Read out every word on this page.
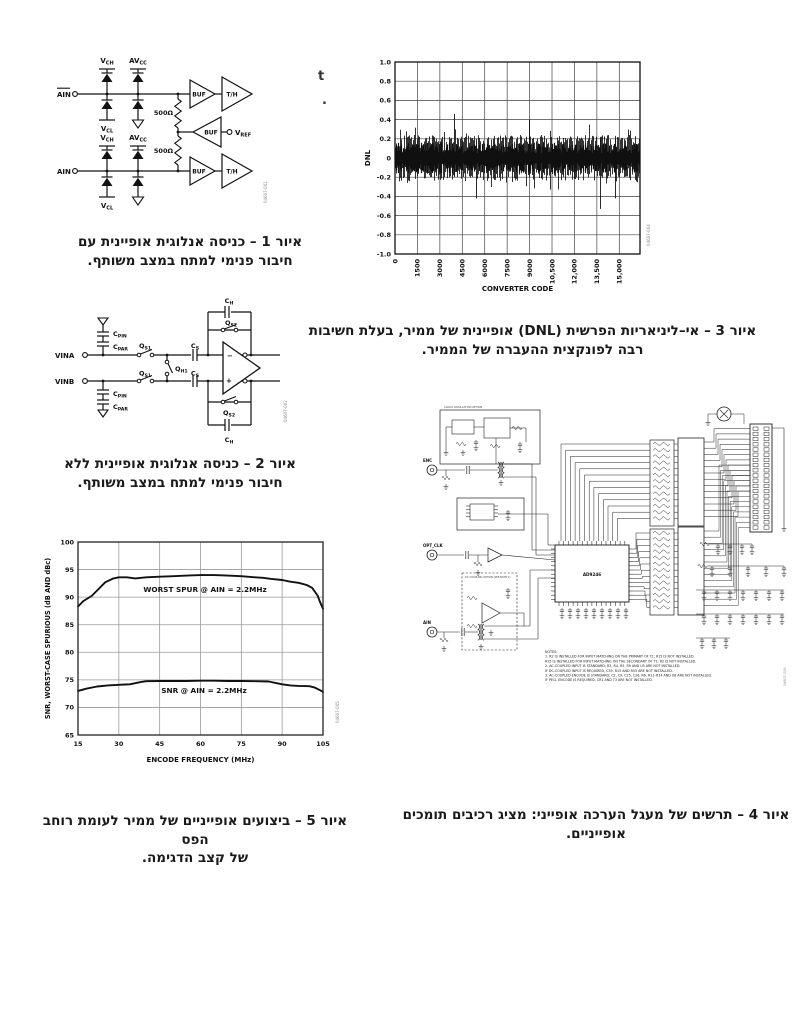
AIN
$V_{CH}$
$V_{CL}$
$AV_{CC}$
500Ω
BUF $V_{REF}$
500Ω
BUF	T/H
AIN
$V_{CH}$
$V_{CL}$
$AV_{CC}$
BUF	T/H
04607-001
t
.
1.0
0.8
0.6
0.4
0.2
0
-0.2
-0.4
-0.6
-0.8
-1.0
0 1500 3000 4500 6000 7500 9000 10,500 12,000 13,500 15,000
DNL
CONVERTER CODE
04607-004
איור 1 – כניסה אנלוגית אופיינית עם
חיבור פנימי למתח במצב משותף.
VINA
VINB
$C_{PIN}$
$C_{PAR}$
$C_{PIN}$
$C_{PAR}$
$Q_{H1}$
$Q_{S1}$
$Q_{S1}$
$C_S$
$C_S$
−
+
$C_H$
$Q_{S2}$
$Q_{S2}$
$C_H$
04607-002
איור 3 – אי–ליניאריות הפרשית (DNL) אופיינית של ממיר, בעלת חשיבות
רבה לפונקצית ההעברה של הממיר.
איור 2 – כניסה אנלוגית אופיינית ללא
חיבור פנימי למתח במצב משותף.
CLOCK OSCILLATOR OPTION
ENC
OPT_CLK
DC COUPLING OPTION (SEE NOTE 2)
AIN
AD9246
NOTES:
1. R2 IS INSTALLED FOR INPUT MATCHING ON THE PRIMARY OF T1; R15 IS NOT INSTALLED.
R15 IS INSTALLED FOR INPUT MATCHING ON THE SECONDARY OF T1; R2 IS NOT INSTALLED.
2. AC-COUPLED INPUT IS STANDARD; R3, R4, R5, R9 AND U5 ARE NOT INSTALLED.
IF DC-COUPLED INPUT IS REQUIRED, C39, R15 AND R55 ARE NOT INSTALLED.
3. AC-COUPLED ENCODE IS STANDARD; C2, C9, C25, C26, R6, R11–R14 AND U8 ARE NOT INSTALLED.
IF PECL ENCODE IS REQUIRED, CR1 AND T3 ARE NOT INSTALLED.	04607-006
WORST SPUR @ AIN = 2.2MHz
SNR @ AIN = 2.2MHz
100
95
90
85
80
75
70
65
15	30	45	60	75	90	105
ENCODE FREQUENCY (MHz)
SNR, WORST-CASE SPURIOUS (dB AND dBc)	04607-005
איור 4 – תרשים של מעגל הערכה אופייני: מציג רכיבים תומכים
אופייניים.
איור 5 – ביצועים אופייניים של ממיר לעומת רוחב הפס
של קצב הדגימה.
